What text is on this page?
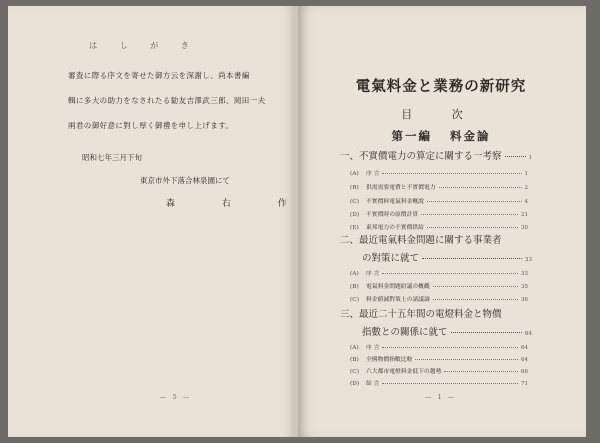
は し が き
審査に際る序文を寄せた御方云を深謝し、尚本書編
輯に多大の助力をなされたる勧友吉澤武三郎、岡田一夫
兩君の御好意に對し厚く御禮を申し上げます。
昭和七年三月下旬
東京市外下落合林泉園にて
森 右 作
— 5 —
電氣料金と業務の新研究
目 次
第一編 料金論
一、不實價電力の算定に關する一考察	1
(A)	序 言	1
(B)	供需需要電費と不實價電力	2
(C)	不實價料電氣料金概說	4
(D)	不實價時の原價計算	21
(E)	東邦電力の不實價供給	30
二、最近電氣料金問題に關する事業者
の對策に就て	33
(A)	序 言	33
(B)	電氣料金問題紛議の概觀	35
(C)	料金値減對策上の諸議論	36
三、最近二十五年間の電燈料金と物價
指數との關係に就て	64
(A)	序 言	64
(B)	全國物價指數比較	64
(C)	六大都市電燈料金低下の趨勢	66
(D)	結 言	71
— 1 —
